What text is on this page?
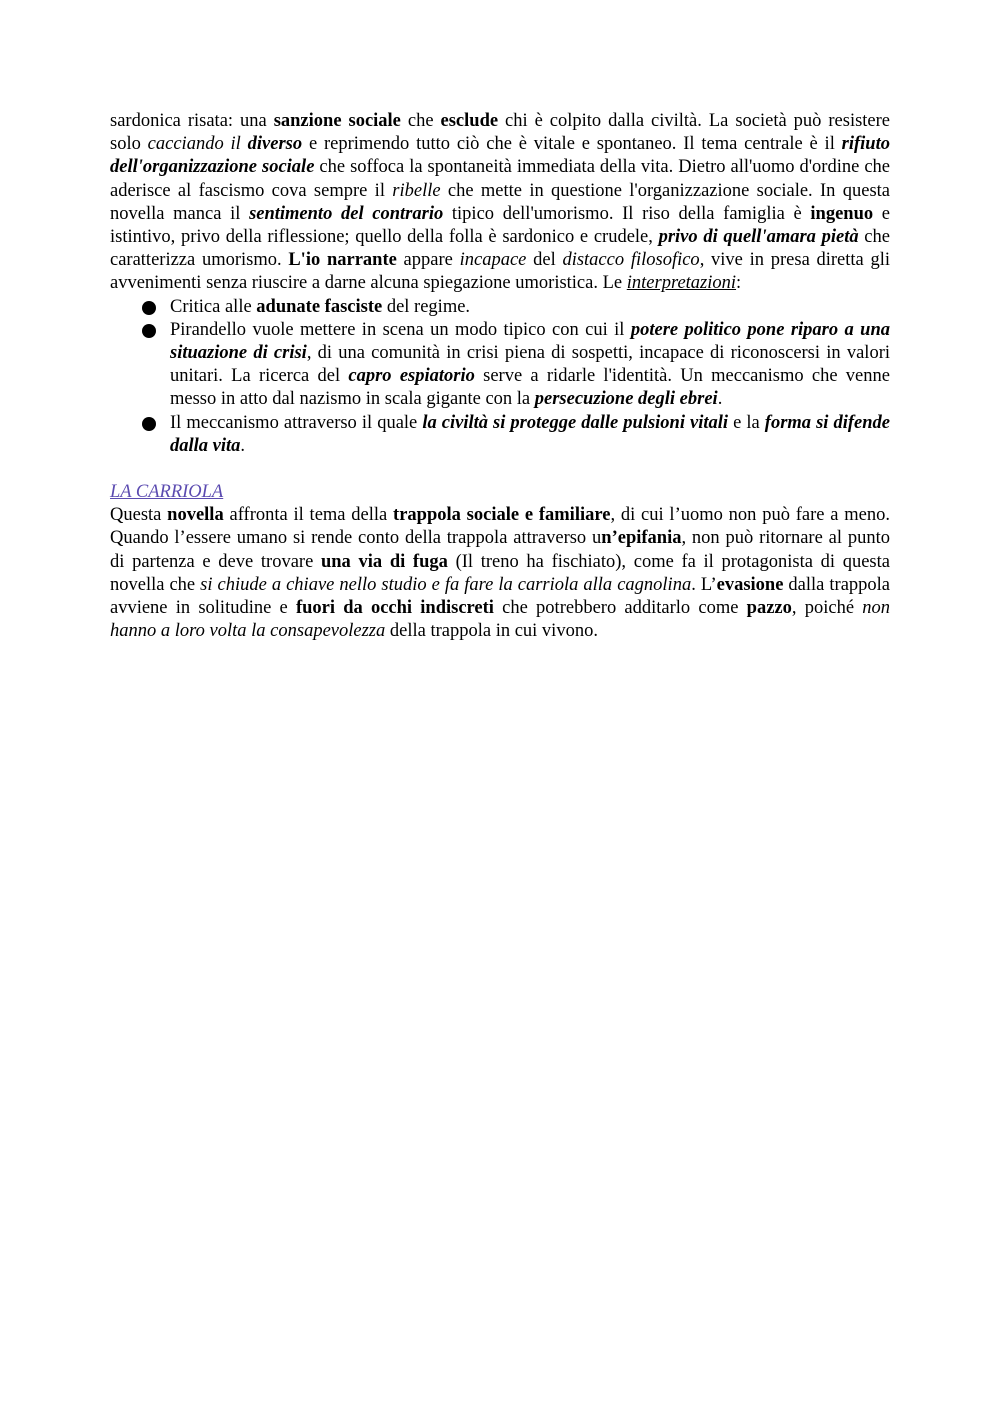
sardonica risata: una sanzione sociale che esclude chi è colpito dalla civiltà. La società può resistere solo cacciando il diverso e reprimendo tutto ciò che è vitale e spontaneo. Il tema centrale è il rifiuto dell'organizzazione sociale che soffoca la spontaneità immediata della vita. Dietro all'uomo d'ordine che aderisce al fascismo cova sempre il ribelle che mette in questione l'organizzazione sociale. In questa novella manca il sentimento del contrario tipico dell'umorismo. Il riso della famiglia è ingenuo e istintivo, privo della riflessione; quello della folla è sardonico e crudele, privo di quell'amara pietà che caratterizza umorismo. L'io narrante appare incapace del distacco filosofico, vive in presa diretta gli avvenimenti senza riuscire a darne alcuna spiegazione umoristica. Le interpretazioni:

Critica alle adunate fasciste del regime.
Pirandello vuole mettere in scena un modo tipico con cui il potere politico pone riparo a una situazione di crisi, di una comunità in crisi piena di sospetti, incapace di riconoscersi in valori unitari. La ricerca del capro espiatorio serve a ridarle l'identità. Un meccanismo che venne messo in atto dal nazismo in scala gigante con la persecuzione degli ebrei.
Il meccanismo attraverso il quale la civiltà si protegge dalle pulsioni vitali e la forma si difende dalla vita.
LA CARRIOLA

Questa novella affronta il tema della trappola sociale e familiare, di cui l’uomo non può fare a meno. Quando l’essere umano si rende conto della trappola attraverso un’epifania, non può ritornare al punto di partenza e deve trovare una via di fuga (Il treno ha fischiato), come fa il protagonista di questa novella che si chiude a chiave nello studio e fa fare la carriola alla cagnolina. L’evasione dalla trappola avviene in solitudine e fuori da occhi indiscreti che potrebbero additarlo come pazzo, poiché non hanno a loro volta la consapevolezza della trappola in cui vivono.
